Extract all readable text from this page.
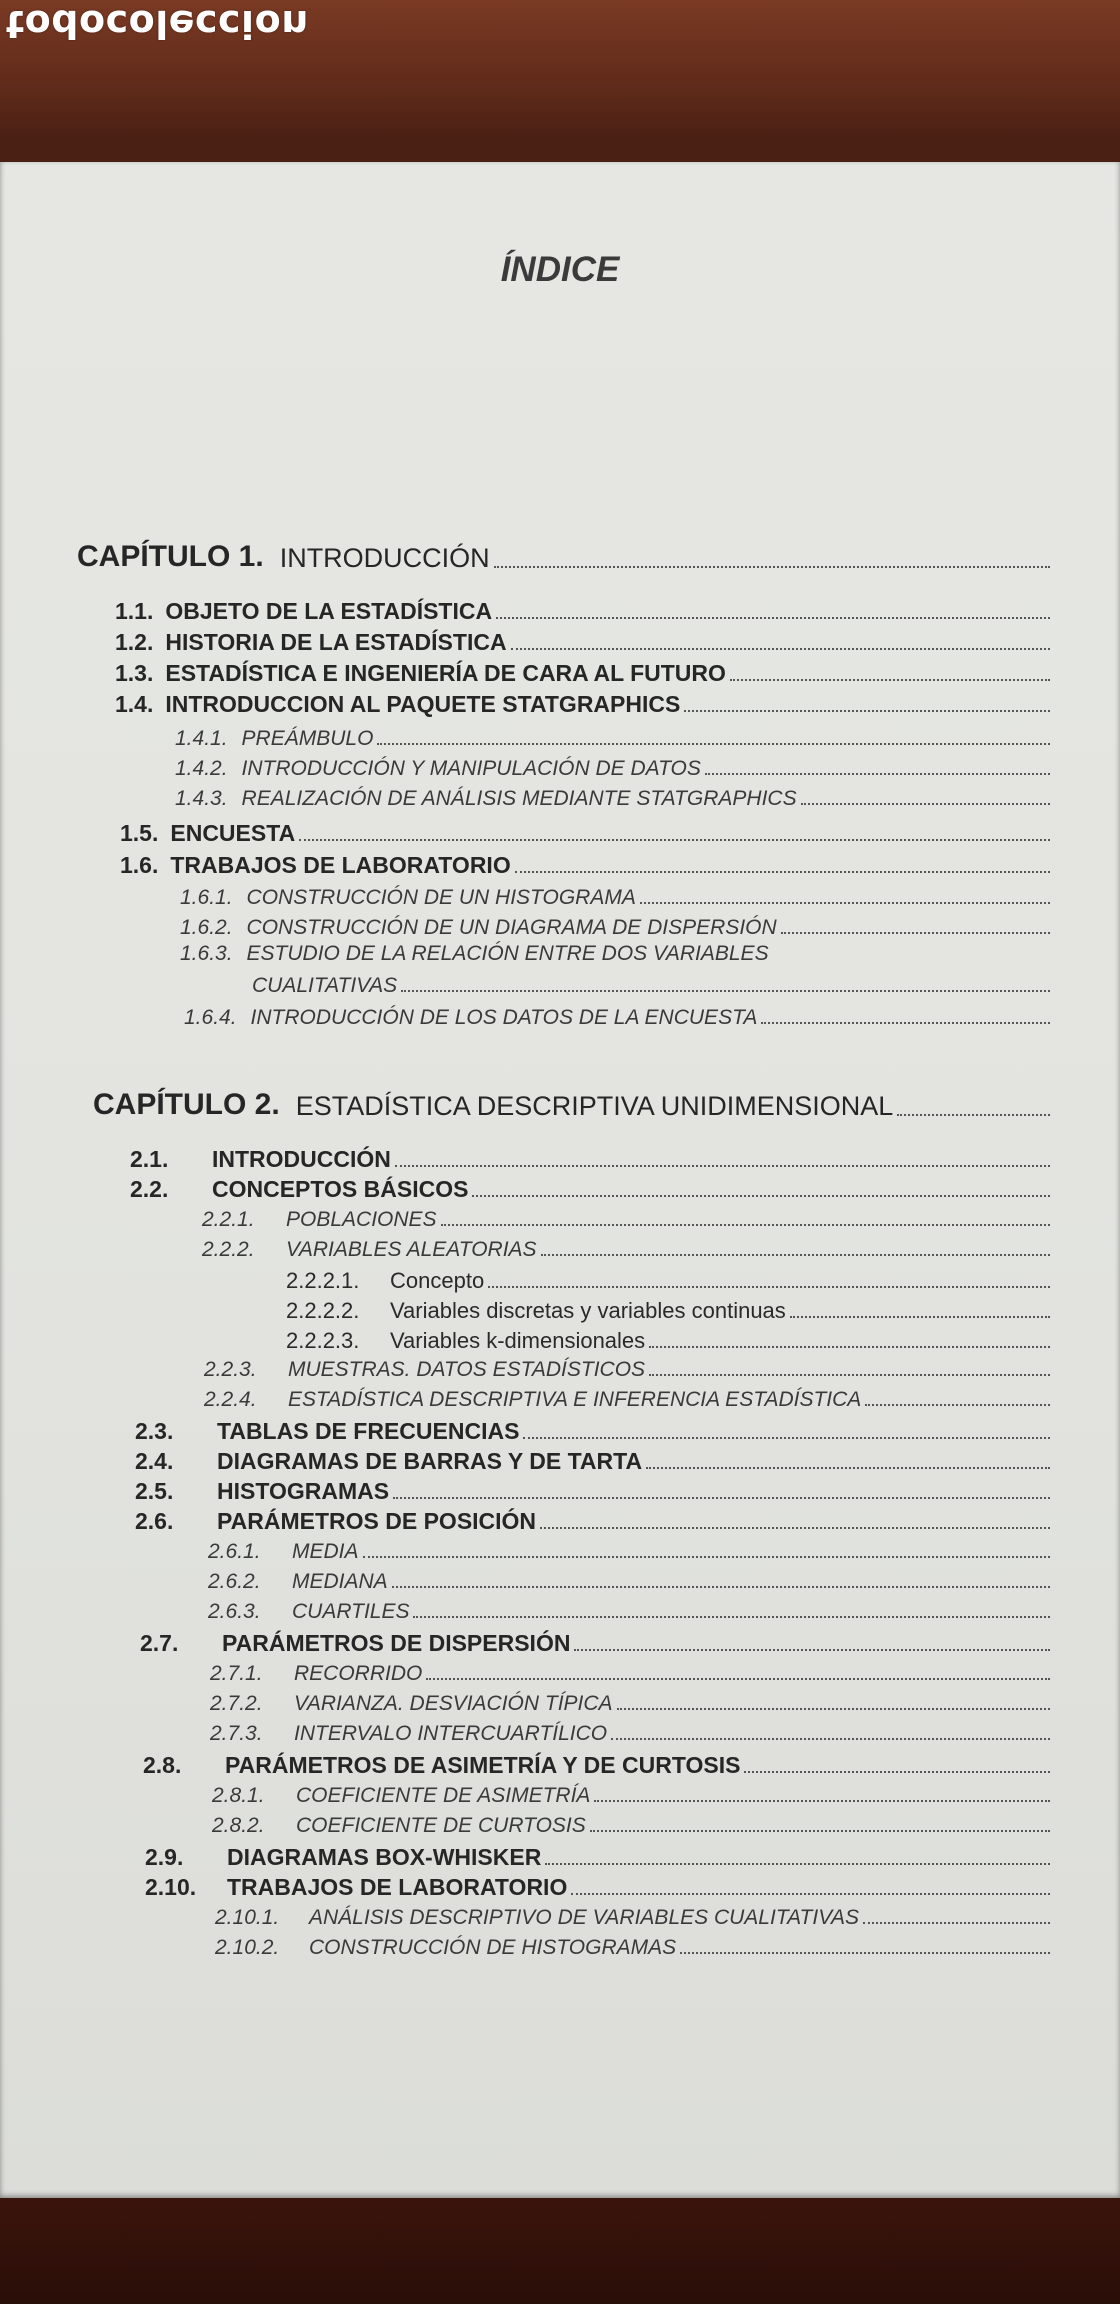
todocoleccion
ÍNDICE
CAPÍTULO 1. INTRODUCCIÓN
1.1. OBJETO DE LA ESTADÍSTICA
1.2. HISTORIA DE LA ESTADÍSTICA
1.3. ESTADÍSTICA E INGENIERÍA DE CARA AL FUTURO
1.4. INTRODUCCION AL PAQUETE STATGRAPHICS
1.4.1. PREÁMBULO
1.4.2. INTRODUCCIÓN Y MANIPULACIÓN DE DATOS
1.4.3. REALIZACIÓN DE ANÁLISIS MEDIANTE STATGRAPHICS
1.5. ENCUESTA
1.6. TRABAJOS DE LABORATORIO
1.6.1. CONSTRUCCIÓN DE UN HISTOGRAMA
1.6.2. CONSTRUCCIÓN DE UN DIAGRAMA DE DISPERSIÓN
1.6.3. ESTUDIO DE LA RELACIÓN ENTRE DOS VARIABLES
CUALITATIVAS
1.6.4. INTRODUCCIÓN DE LOS DATOS DE LA ENCUESTA
CAPÍTULO 2. ESTADÍSTICA DESCRIPTIVA UNIDIMENSIONAL
2.1.	INTRODUCCIÓN
2.2.	CONCEPTOS BÁSICOS
2.2.1.	POBLACIONES
2.2.2.	VARIABLES ALEATORIAS
2.2.2.1.	Concepto
2.2.2.2.	Variables discretas y variables continuas
2.2.2.3.	Variables k-dimensionales
2.2.3.	MUESTRAS. DATOS ESTADÍSTICOS
2.2.4.	ESTADÍSTICA DESCRIPTIVA E INFERENCIA ESTADÍSTICA
2.3.	TABLAS DE FRECUENCIAS
2.4.	DIAGRAMAS DE BARRAS Y DE TARTA
2.5.	HISTOGRAMAS
2.6.	PARÁMETROS DE POSICIÓN
2.6.1.	MEDIA
2.6.2.	MEDIANA
2.6.3.	CUARTILES
2.7.	PARÁMETROS DE DISPERSIÓN
2.7.1.	RECORRIDO
2.7.2.	VARIANZA. DESVIACIÓN TÍPICA
2.7.3.	INTERVALO INTERCUARTÍLICO
2.8.	PARÁMETROS DE ASIMETRÍA Y DE CURTOSIS
2.8.1.	COEFICIENTE DE ASIMETRÍA
2.8.2.	COEFICIENTE DE CURTOSIS
2.9.	DIAGRAMAS BOX-WHISKER
2.10.	TRABAJOS DE LABORATORIO
2.10.1.	ANÁLISIS DESCRIPTIVO DE VARIABLES CUALITATIVAS
2.10.2.	CONSTRUCCIÓN DE HISTOGRAMAS
